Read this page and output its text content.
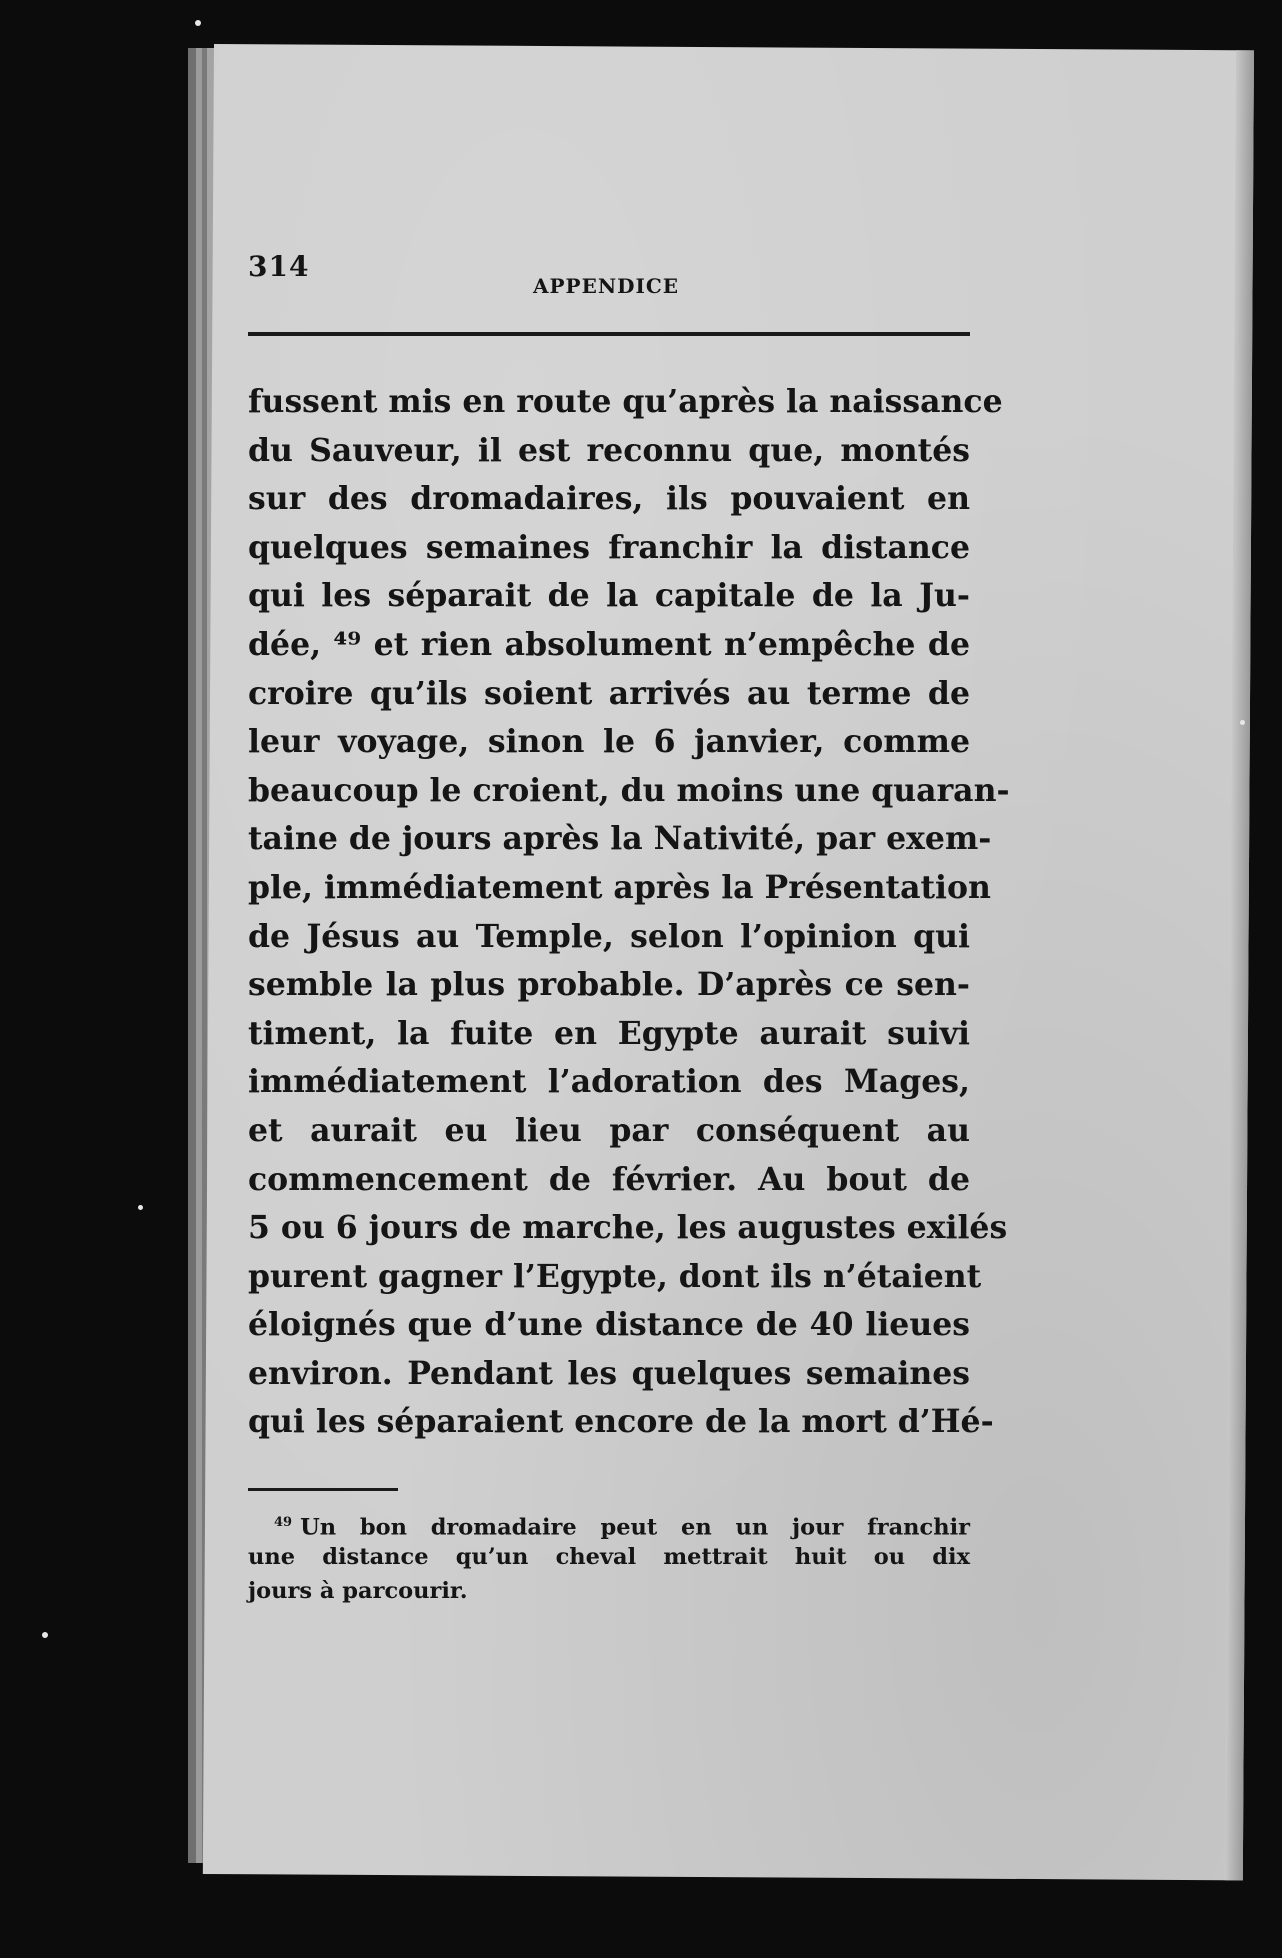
314
APPENDICE
fussent mis en route qu’après la naissance
du Sauveur, il est reconnu que, montés
sur des dromadaires, ils pouvaient en
quelques semaines franchir la distance
qui les séparait de la capitale de la Ju-
dée, ⁴⁹ et rien absolument n’empêche de
croire qu’ils soient arrivés au terme de
leur voyage, sinon le 6 janvier, comme
beaucoup le croient, du moins une quaran-
taine de jours après la Nativité, par exem-
ple, immédiatement après la Présentation
de Jésus au Temple, selon l’opinion qui
semble la plus probable. D’après ce sen-
timent, la fuite en Egypte aurait suivi
immédiatement l’adoration des Mages,
et aurait eu lieu par conséquent au
commencement de février. Au bout de
5 ou 6 jours de marche, les augustes exilés
purent gagner l’Egypte, dont ils n’étaient
éloignés que d’une distance de 40 lieues
environ. Pendant les quelques semaines
qui les séparaient encore de la mort d’Hé-
$^{49}$ Un bon dromadaire peut en un jour franchir
une distance qu’un cheval mettrait huit ou dix
jours à parcourir.
